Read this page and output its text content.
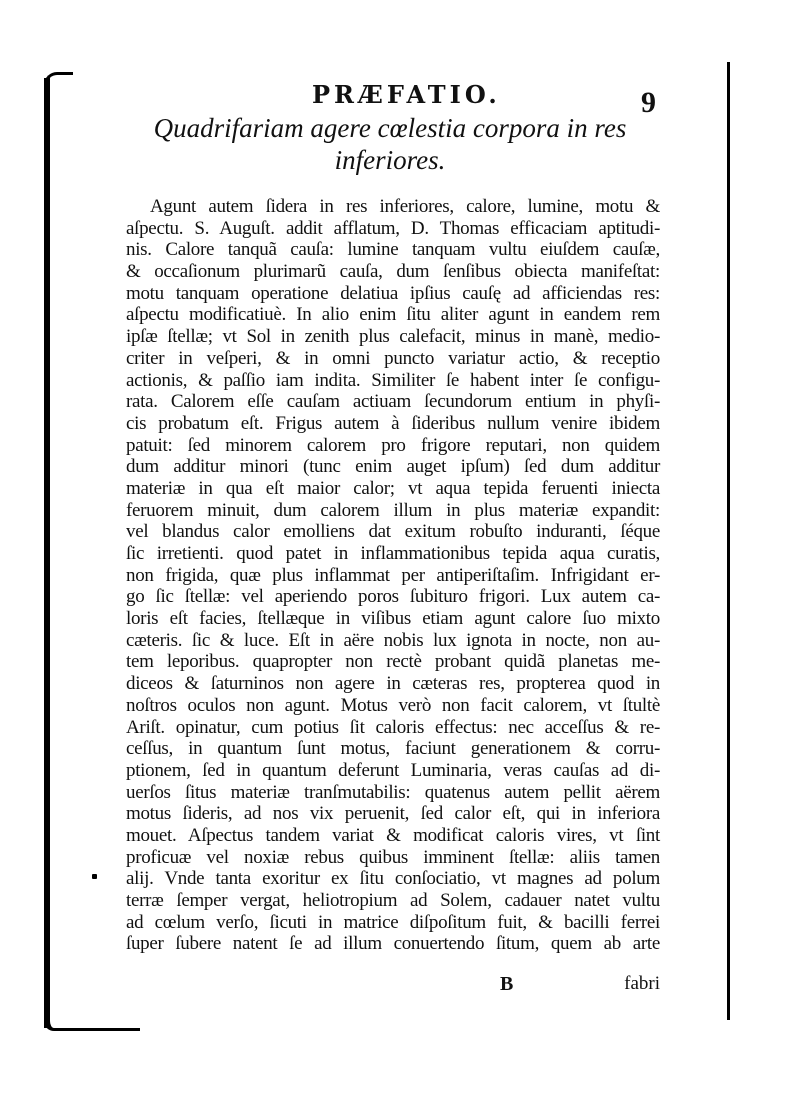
PRÆFATIO.	9
Quadrifariam agere cœlestia corpora in res
inferiores.
Agunt autem ſidera in res inferiores, calore, lumine, motu &
aſpectu. S. Auguſt. addit afflatum, D. Thomas efficaciam aptitudi-
nis. Calore tanquã cauſa: lumine tanquam vultu eiuſdem cauſæ,
& occaſionum plurimarũ cauſa, dum ſenſibus obiecta manifeſtat:
motu tanquam operatione delatiua ipſius cauſę ad afficiendas res:
aſpectu modificatiuè. In alio enim ſitu aliter agunt in eandem rem
ipſæ ſtellæ; vt Sol in zenith plus calefacit, minus in manè, medio-
criter in veſperi, & in omni puncto variatur actio, & receptio
actionis, & paſſio iam indita. Similiter ſe habent inter ſe configu-
rata. Calorem eſſe cauſam actiuam ſecundorum entium in phyſi-
cis probatum eſt. Frigus autem à ſideribus nullum venire ibidem
patuit: ſed minorem calorem pro frigore reputari, non quidem
dum additur minori (tunc enim auget ipſum) ſed dum additur
materiæ in qua eſt maior calor; vt aqua tepida feruenti iniecta
feruorem minuit, dum calorem illum in plus materiæ expandit:
vel blandus calor emolliens dat exitum robuſto induranti, ſéque
ſic irretienti. quod patet in inflammationibus tepida aqua curatis,
non frigida, quæ plus inflammat per antiperiſtaſim. Infrigidant er-
go ſic ſtellæ: vel aperiendo poros ſubituro frigori. Lux autem ca-
loris eſt facies, ſtellæque in viſibus etiam agunt calore ſuo mixto
cæteris. ſic & luce. Eſt in aëre nobis lux ignota in nocte, non au-
tem leporibus. quapropter non rectè probant quidã planetas me-
diceos & ſaturninos non agere in cæteras res, propterea quod in
noſtros oculos non agunt. Motus verò non facit calorem, vt ſtultè
Ariſt. opinatur, cum potius ſit caloris effectus: nec acceſſus & re-
ceſſus, in quantum ſunt motus, faciunt generationem & corru-
ptionem, ſed in quantum deferunt Luminaria, veras cauſas ad di-
uerſos ſitus materiæ tranſmutabilis: quatenus autem pellit aërem
motus ſideris, ad nos vix peruenit, ſed calor eſt, qui in inferiora
mouet. Aſpectus tandem variat & modificat caloris vires, vt ſint
proficuæ vel noxiæ rebus quibus imminent ſtellæ: aliis tamen
alij. Vnde tanta exoritur ex ſitu conſociatio, vt magnes ad polum
terræ ſemper vergat, heliotropium ad Solem, cadauer natet vultu
ad cœlum verſo, ſicuti in matrice diſpoſitum fuit, & bacilli ferrei
ſuper ſubere natent ſe ad illum conuertendo ſitum, quem ab arte
B	fabri
